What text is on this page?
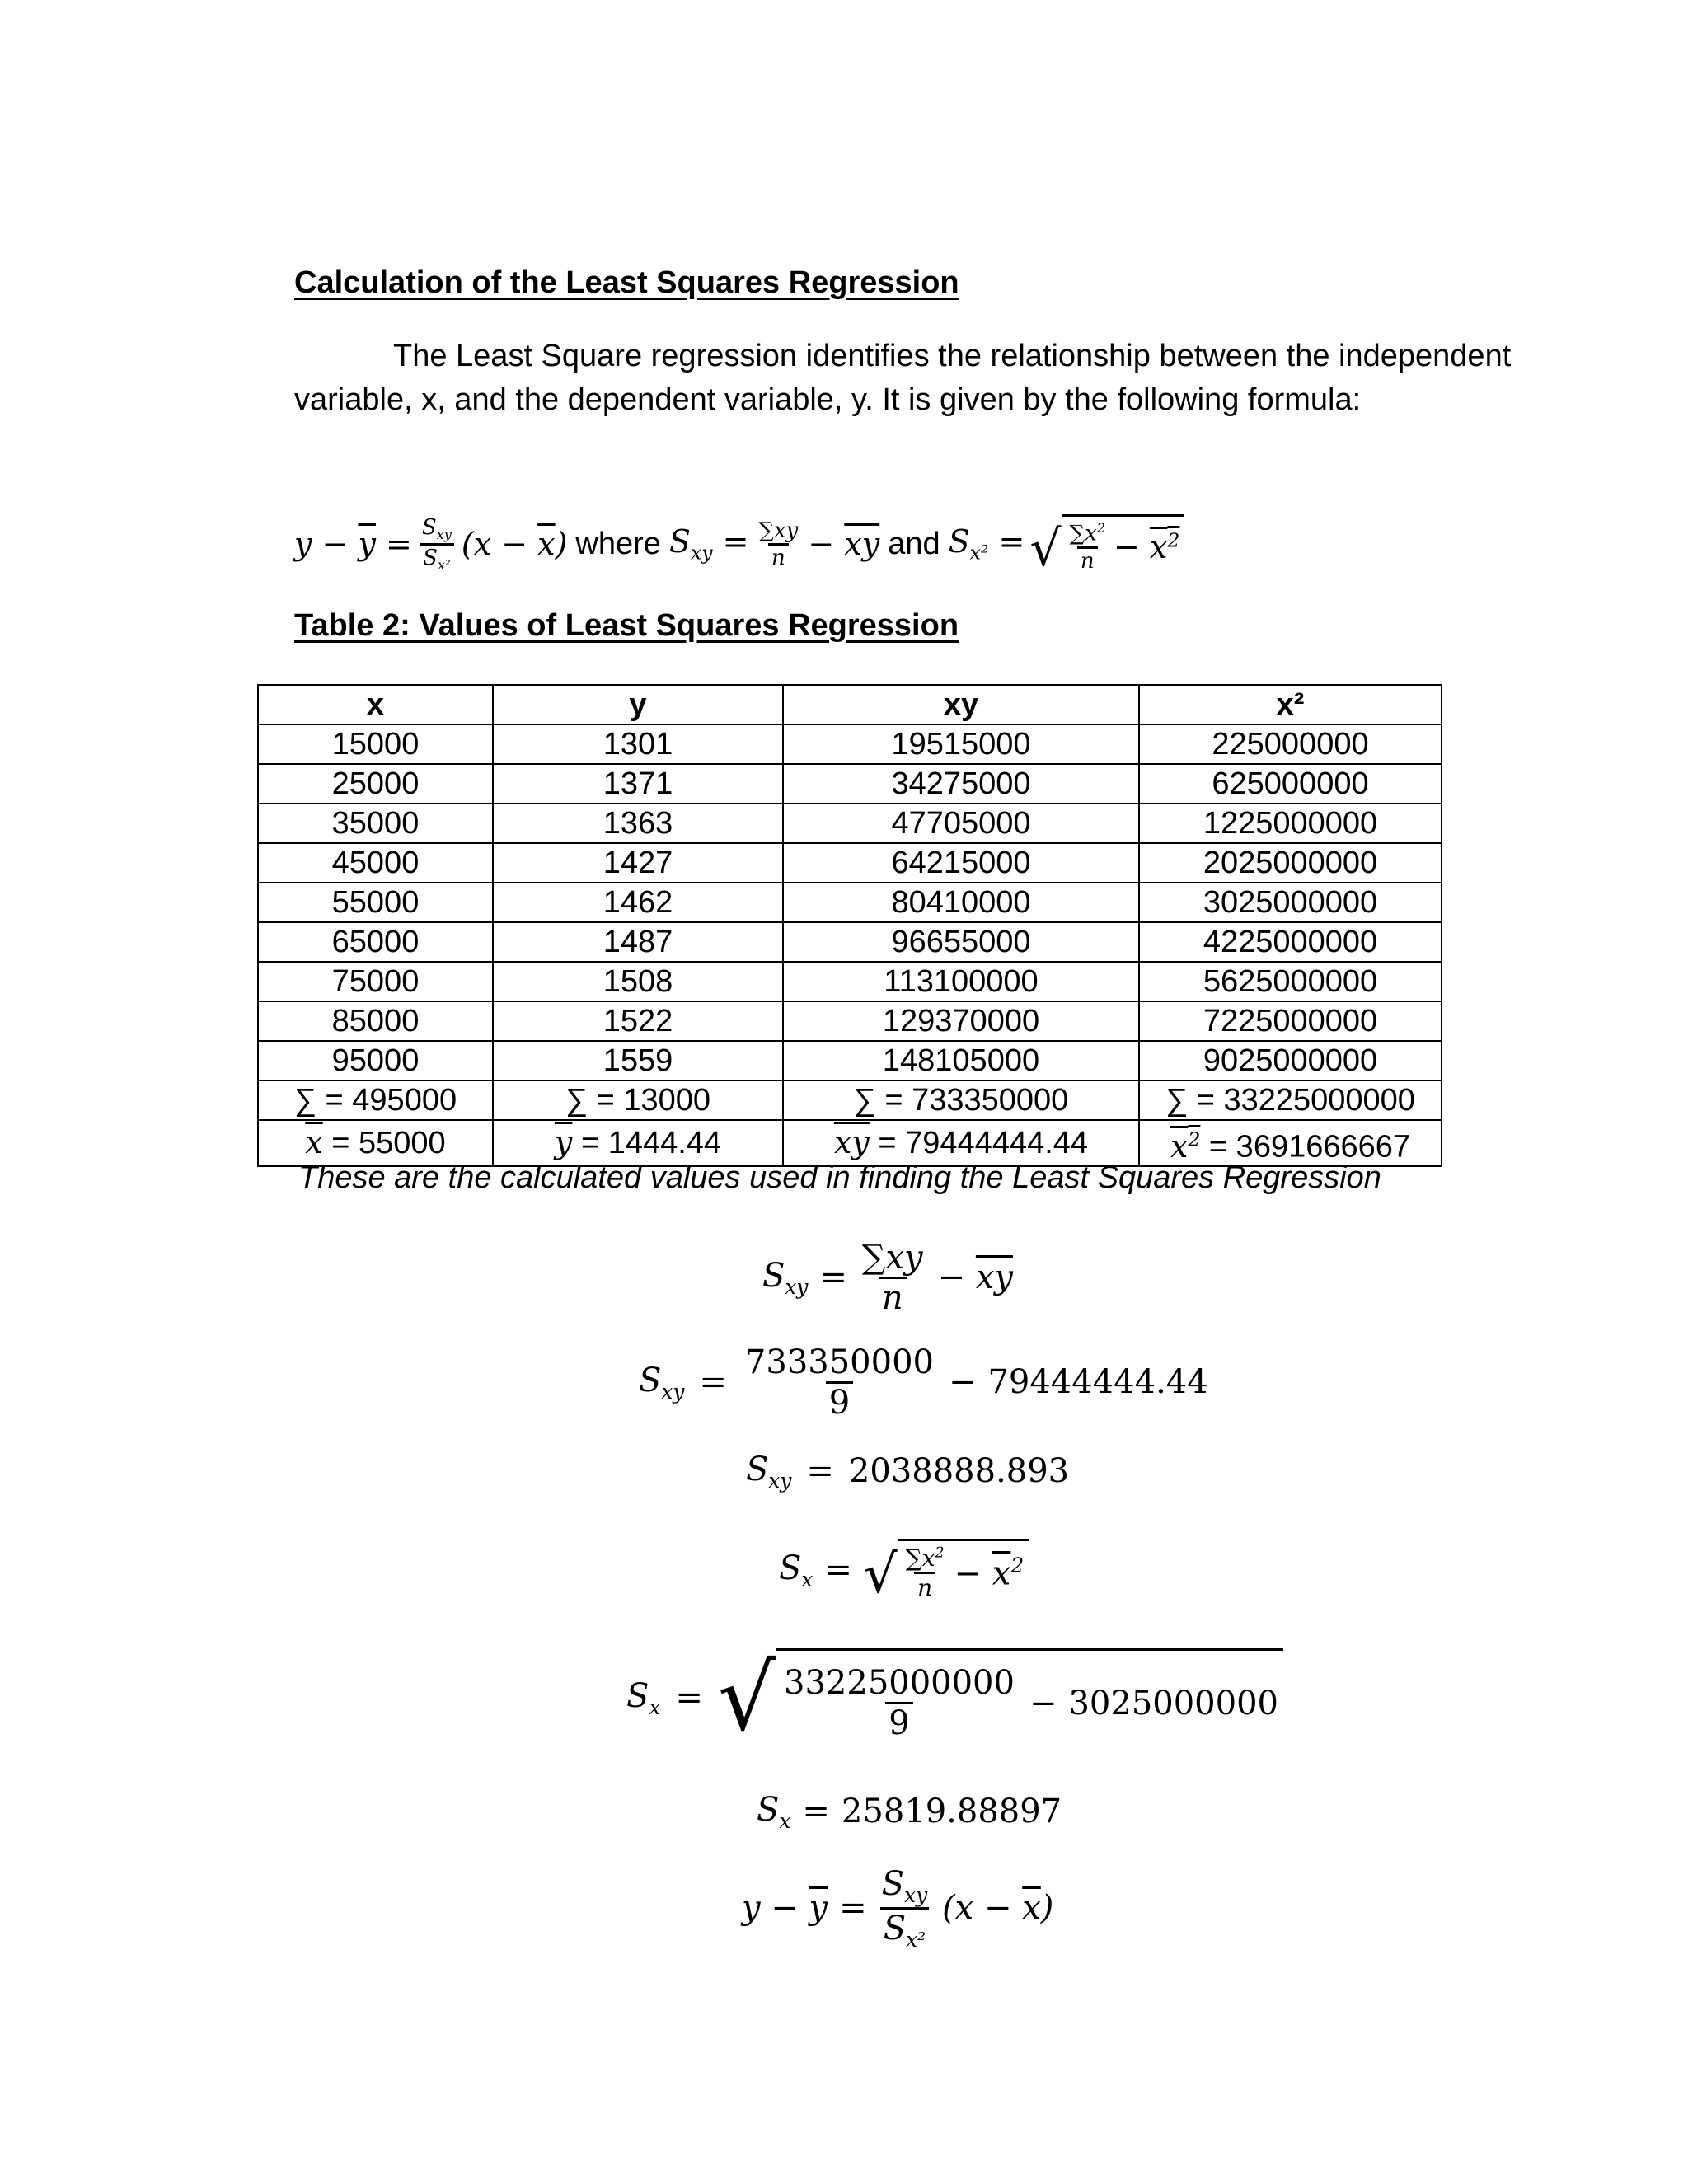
Calculation of the Least Squares Regression
The Least Square regression identifies the relationship between the independent variable, x, and the dependent variable, y. It is given by the following formula:
$y - \overline{y} = \frac{S_{xy}}{S_{x^2}} (x - \overline{x})$ where $S_{xy} = \frac{\sum xy}{n} - \overline{xy}$ and $S_{x^2}$ = √ $\frac{\sum x^2}{n} - x^2$
Table 2: Values of Least Squares Regression
x	y	xy	x²
15000	1301	19515000	225000000
25000	1371	34275000	625000000
35000	1363	47705000	1225000000
45000	1427	64215000	2025000000
55000	1462	80410000	3025000000
65000	1487	96655000	4225000000
75000	1508	113100000	5625000000
85000	1522	129370000	7225000000
95000	1559	148105000	9025000000
∑ = 495000	∑ = 13000	∑ = 733350000	∑ = 33225000000
$\overline{x} = 55000$	$\overline{y} = 1444.44$	$\overline{xy} = 79444444.44$	$x^2 = 3691666667$
These are the calculated values used in finding the Least Squares Regression
$S_{xy} = \frac{\sum xy}{n} - \overline{xy}$
$S_{xy} = \frac{733350000}{9} - 79444444.44$
$S_{xy} = 2038888.893$
$S_x$ = √ $\frac{\sum x^2}{n} - \overline{x}^2$
$S_x$ = √ $\frac{33225000000}{9} - 3025000000$
$S_x = 25819.88897$
$y - \overline{y} = \frac{S_{xy}}{S_{x^2}} (x - \overline{x})$
